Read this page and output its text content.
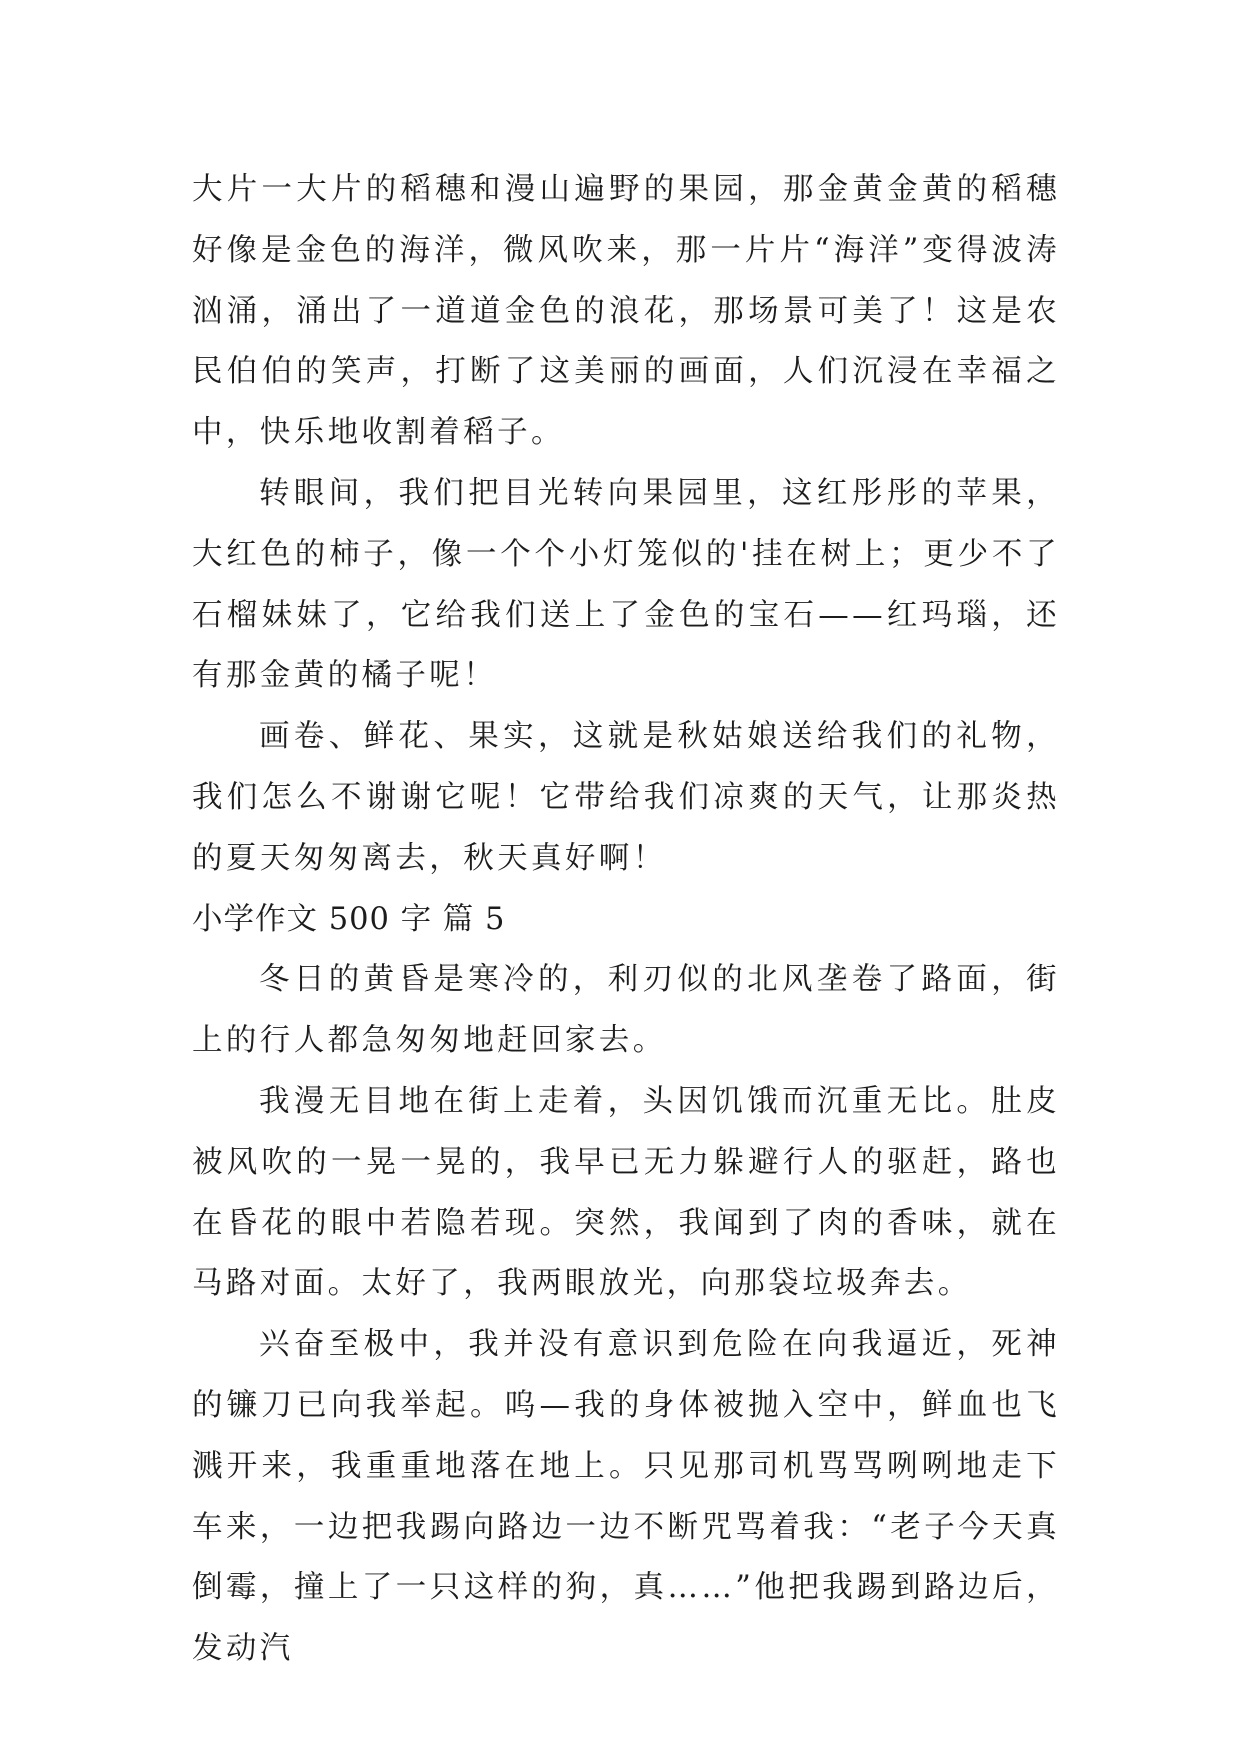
大片一大片的稻穗和漫山遍野的果园，那金黄金黄的稻穗好像是金色的海洋，微风吹来，那一片片“海洋”变得波涛汹涌，涌出了一道道金色的浪花，那场景可美了！这是农民伯伯的笑声，打断了这美丽的画面，人们沉浸在幸福之中，快乐地收割着稻子。

转眼间，我们把目光转向果园里，这红彤彤的苹果，大红色的柿子，像一个个小灯笼似的'挂在树上；更少不了石榴妹妹了，它给我们送上了金色的宝石——红玛瑙，还有那金黄的橘子呢！

画卷、鲜花、果实，这就是秋姑娘送给我们的礼物，我们怎么不谢谢它呢！它带给我们凉爽的天气，让那炎热的夏天匆匆离去，秋天真好啊！

小学作文 500 字 篇 5

冬日的黄昏是寒冷的，利刃似的北风垄卷了路面，街上的行人都急匆匆地赶回家去。

我漫无目地在街上走着，头因饥饿而沉重无比。肚皮被风吹的一晃一晃的，我早已无力躲避行人的驱赶，路也在昏花的眼中若隐若现。突然，我闻到了肉的香味，就在马路对面。太好了，我两眼放光，向那袋垃圾奔去。

兴奋至极中，我并没有意识到危险在向我逼近，死神的镰刀已向我举起。呜—我的身体被抛入空中，鲜血也飞溅开来，我重重地落在地上。只见那司机骂骂咧咧地走下车来，一边把我踢向路边一边不断咒骂着我：“老子今天真倒霉，撞上了一只这样的狗，真……”他把我踢到路边后，发动汽
